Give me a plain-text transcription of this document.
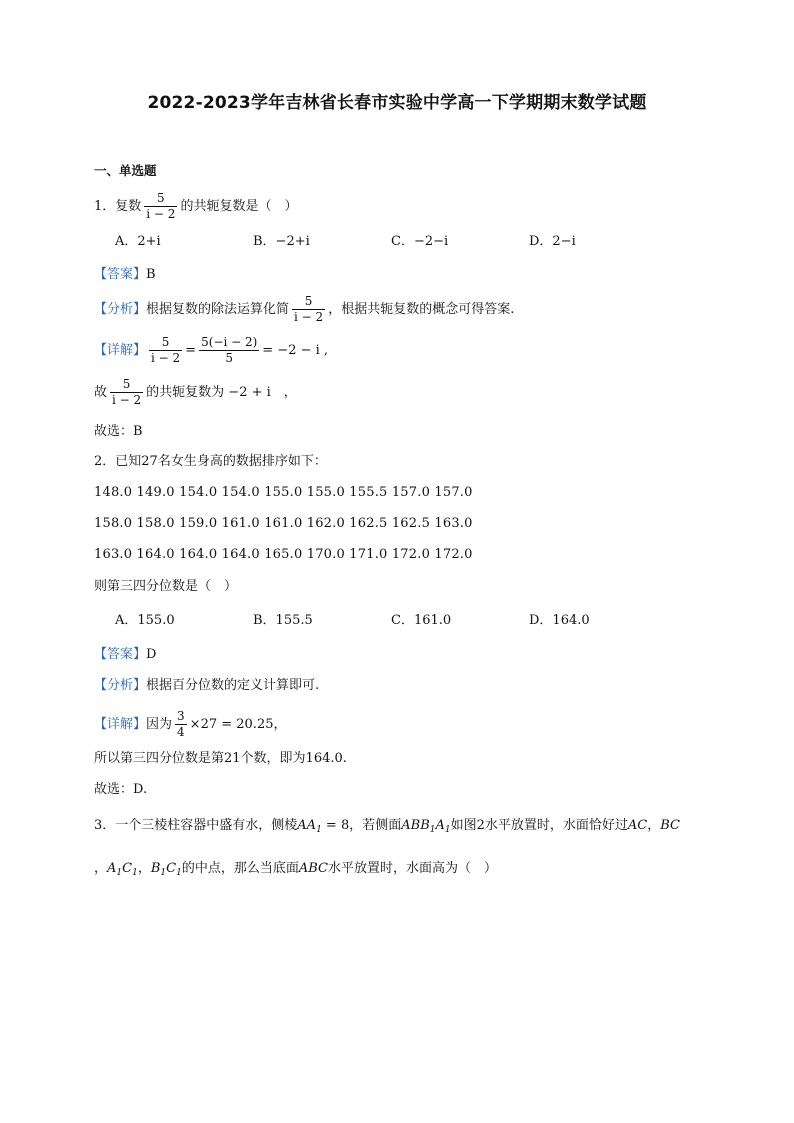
2022-2023学年吉林省长春市实验中学高一下学期期末数学试题
一、单选题
1．复数 $\frac{5}{i - 2}$ 的共轭复数是（　）
A．2+i	B．−2+i	C．−2−i	D．2−i
【答案】B
【分析】根据复数的除法运算化简 $\frac{5}{i - 2}$ ，根据共轭复数的概念可得答案.
【详解】 $\frac{5}{i - 2} = \frac{5(-i - 2)}{5} = -2 - i$ ,
故 $\frac{5}{i - 2}$ 的共轭复数为 −2 + i　，
故选：B
2．已知27名女生身高的数据排序如下：
148.0 149.0 154.0 154.0 155.0 155.0 155.5 157.0 157.0
158.0 158.0 159.0 161.0 161.0 162.0 162.5 162.5 163.0
163.0 164.0 164.0 164.0 165.0 170.0 171.0 172.0 172.0
则第三四分位数是（　）
A．155.0	B．155.5	C．161.0	D．164.0
【答案】D
【分析】根据百分位数的定义计算即可.
【详解】因为 $\frac{3}{4} \times 27 = 20.25$，
所以第三四分位数是第21个数，即为164.0.
故选：D.
3．一个三棱柱容器中盛有水，侧棱$AA_1 = 8$，若侧面$ABB_1A_1$如图2水平放置时，水面恰好过AC，BC
，$A_1C_1$，$B_1C_1$的中点，那么当底面ABC水平放置时，水面高为（　）
